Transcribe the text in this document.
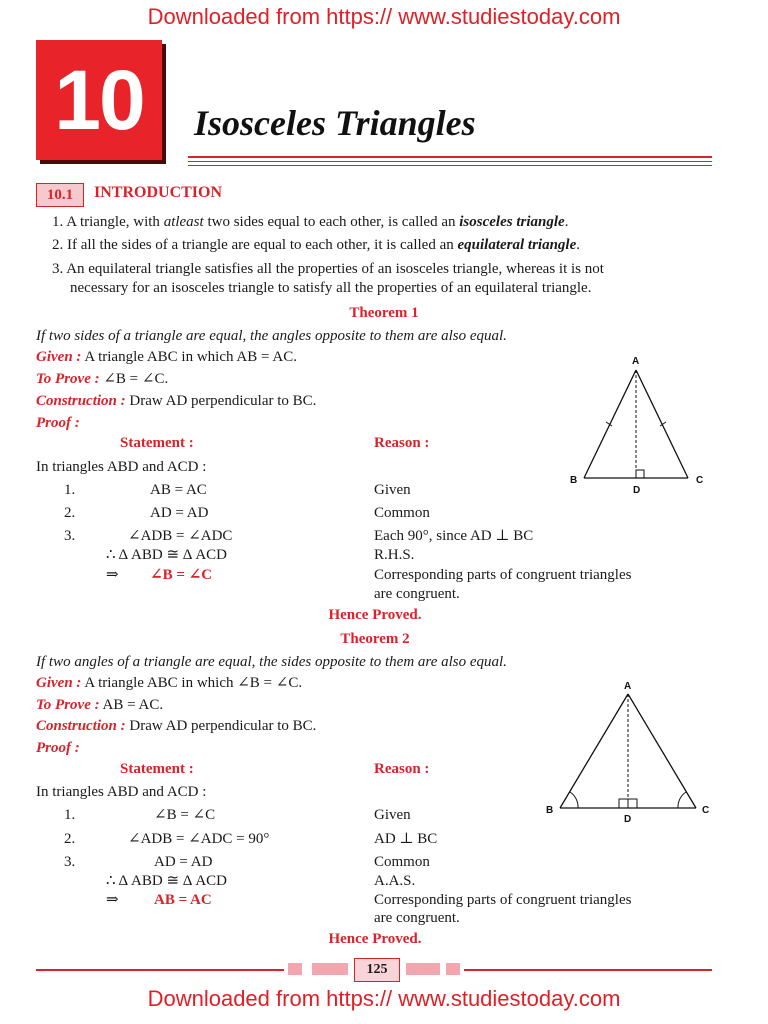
Downloaded from https:// www.studiestoday.com
10	Isosceles Triangles
10.1	INTRODUCTION
1. A triangle, with atleast two sides equal to each other, is called an isosceles triangle.
2. If all the sides of a triangle are equal to each other, it is called an equilateral triangle.
3. An equilateral triangle satisfies all the properties of an isosceles triangle, whereas it is not
necessary for an isosceles triangle to satisfy all the properties of an equilateral triangle.
Theorem 1
If two sides of a triangle are equal, the angles opposite to them are also equal.
Given : A triangle ABC in which AB = AC.
To Prove : ∠B = ∠C.
Construction : Draw AD perpendicular to BC.
Proof :
Statement :	Reason :
In triangles ABD and ACD :
1.	AB = AC	Given
2.	AD = AD	Common
3.	∠ADB = ∠ADC	Each 90°, since AD ⊥ BC
∴ Δ ABD ≅ Δ ACD	R.H.S.
⇒ ∠B = ∠C	Corresponding parts of congruent triangles
are congruent.
Hence Proved.
A
B	C
D
Theorem 2
If two angles of a triangle are equal, the sides opposite to them are also equal.
Given : A triangle ABC in which ∠B = ∠C.
To Prove : AB = AC.
Construction : Draw AD perpendicular to BC.
Proof :
Statement :	Reason :
In triangles ABD and ACD :
1.	∠B = ∠C	Given
2.	∠ADB = ∠ADC = 90°	AD ⊥ BC
3.	AD = AD	Common
∴ Δ ABD ≅ Δ ACD	A.A.S.
⇒ AB = AC	Corresponding parts of congruent triangles
are congruent.
Hence Proved.
A
B	C
D
125
Downloaded from https:// www.studiestoday.com
